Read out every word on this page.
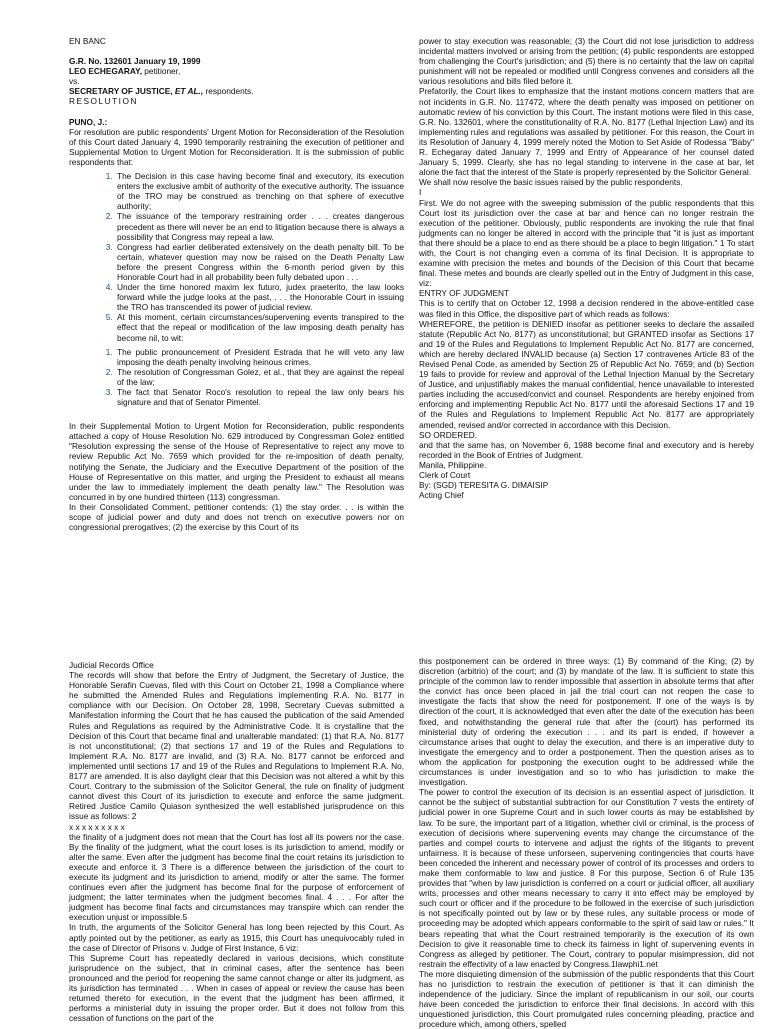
EN BANC

G.R. No. 132601 January 19, 1999

LEO ECHEGARAY, petitioner,

vs.

SECRETARY OF JUSTICE, ET AL., respondents.

RESOLUTION

PUNO, J.:

For resolution are public respondents' Urgent Motion for Reconsideration of the Resolution of this Court dated January 4, 1990 temporarily restraining the execution of petitioner and Supplemental Motion to Urgent Motion for Reconsideration. It is the submission of public respondents that:

1. The Decision in this case having become final and executory, its execution enters the exclusive ambit of authority of the executive authority. The issuance of the TRO may be construed as trenching on that sphere of executive authority;
2. The issuance of the temporary restraining order . . . creates dangerous precedent as there will never be an end to litigation because there is always a possibility that Congress may repeal a law.
3. Congress had earlier deliberated extensively on the death penalty bill. To be certain, whatever question may now be raised on the Death Penalty Law before the present Congress within the 6-month period given by this Honorable Court had in all probability been fully debated upon . . .
4. Under the time honored maxim lex futuro, judex praeterito, the law looks forward while the judge looks at the past, . . . the Honorable Court in issuing the TRO has transcended its power of judicial review.
5. At this moment, certain circumstances/supervening events transpired to the effect that the repeal or modification of the law imposing death penalty has become nil, to wit:
1. The public pronouncement of President Estrada that he will veto any law imposing the death penalty involving heinous crimes.
2. The resolution of Congressman Golez, et al., that they are against the repeal of the law;
3. The fact that Senator Roco's resolution to repeal the law only bears his signature and that of Senator Pimentel.

In their Supplemental Motion to Urgent Motion for Reconsideration, public respondents attached a copy of House Resolution No. 629 introduced by Congressman Golez entitled "Resolution expressing the sense of the House of Representative to reject any move to review Republic Act No. 7659 which provided for the re-imposition of death penalty, notifying the Senate, the Judiciary and the Executive Department of the position of the House of Representative on this matter, and urging the President to exhaust all means under the law to immediately implement the death penalty law." The Resolution was concurred in by one hundred thirteen (113) congressman.

In their Consolidated Comment, petitioner contends: (1) the stay order. . . is within the scope of judicial power and duty and does not trench on executive powers nor on congressional prerogatives; (2) the exercise by this Court of its

power to stay execution was reasonable; (3) the Court did not lose jurisdiction to address incidental matters involved or arising from the petition; (4) public respondents are estopped from challenging the Court's jurisdiction; and (5) there is no certainty that the law on capital punishment will not be repealed or modified until Congress convenes and considers all the various resolutions and bills filed before it.

Prefatorily, the Court likes to emphasize that the instant motions concern matters that are not incidents in G.R. No. 117472, where the death penalty was imposed on petitioner on automatic review of his conviction by this Court. The instant motions were filed in this case, G.R. No. 132601, where the constitutionality of R.A. No. 8177 (Lethal Injection Law) and its implementing rules and regulations was assailed by petitioner. For this reason, the Court in its Resolution of January 4, 1999 merely noted the Motion to Set Aside of Rodessa "Baby" R. Echegaray dated January 7, 1999 and Entry of Appearance of her counsel dated January 5, 1999. Clearly, she has no legal standing to intervene in the case at bar, let alone the fact that the interest of the State is properly represented by the Solicitor General.

We shall now resolve the basic issues raised by the public respondents.

I

First. We do not agree with the sweeping submission of the public respondents that this Court lost its jurisdiction over the case at bar and hence can no longer restrain the execution of the petitioner. Obviously, public respondents are invoking the rule that final judgments can no longer be altered in accord with the principle that "it is just as important that there should be a place to end as there should be a place to begin litigation." 1 To start with, the Court is not changing even a comma of its final Decision. It is appropriate to examine with precision the metes and bounds of the Decision of this Court that became final. These metes and bounds are clearly spelled out in the Entry of Judgment in this case, viz:

ENTRY OF JUDGMENT

This is to certify that on October 12, 1998 a decision rendered in the above-entitled case was filed in this Office, the dispositive part of which reads as follows:

WHEREFORE, the petition is DENIED insofar as petitioner seeks to declare the assailed statute (Republic Act No. 8177) as unconstitutional; but GRANTED insofar as Sections 17 and 19 of the Rules and Regulations to Implement Republic Act No. 8177 are concerned, which are hereby declared INVALID because (a) Section 17 contravenes Article 83 of the Revised Penal Code, as amended by Section 25 of Republic Act No. 7659; and (b) Section 19 fails to provide for review and approval of the Lethal Injection Manual by the Secretary of Justice, and unjustifiably makes the manual confidential, hence unavailable to interested parties including the accused/convict and counsel. Respondents are hereby enjoined from enforcing and implementing Republic Act No. 8177 until the aforesaid Sections 17 and 19 of the Rules and Regulations to Implement Republic Act No. 8177 are appropriately amended, revised and/or corrected in accordance with this Decision.

SO ORDERED.

and that the same has, on November 6, 1988 become final and executory and is hereby recorded in the Book of Entries of Judgment.

Manila, Philippine.

Clerk of Court

By: (SGD) TERESITA G. DIMAISIP

Acting Chief

Judicial Records Office

The records will show that before the Entry of Judgment, the Secretary of Justice, the Honorable Serafin Cuevas, filed with this Court on October 21, 1998 a Compliance where he submitted the Amended Rules and Regulations implementing R.A. No. 8177 in compliance with our Decision. On October 28, 1998, Secretary Cuevas submitted a Manifestation informing the Court that he has caused the publication of the said Amended Rules and Regulations as required by the Administrative Code. It is crystalline that the Decision of this Court that became final and unalterable mandated: (1) that R.A. No. 8177 is not unconstitutional; (2) that sections 17 and 19 of the Rules and Regulations to Implement R.A. No. 8177 are invalid, and (3) R.A. No. 8177 cannot be enforced and implemented until sections 17 and 19 of the Rules and Regulations to Implement R.A. No. 8177 are amended. It is also daylight clear that this Decision was not altered a whit by this Court. Contrary to the submission of the Solicitor General, the rule on finality of judgment cannot divest this Court of its jurisdiction to execute and enforce the same judgment. Retired Justice Camilo Quiason synthesized the well established jurisprudence on this issue as follows: 2

x x x x x x x x x

the finality of a judgment does not mean that the Court has lost all its powers nor the case. By the finality of the judgment, what the court loses is its jurisdiction to amend, modify or alter the same. Even after the judgment has become final the court retains its jurisdiction to execute and enforce it. 3 There is a difference between the jurisdiction of the court to execute its judgment and its jurisdiction to amend, modify or alter the same. The former continues even after the judgment has become final for the purpose of enforcement of judgment; the latter terminates when the judgment becomes final. 4 . . . For after the judgment has become final facts and circumstances may transpire which can render the execution unjust or impossible.5

In truth, the arguments of the Solicitor General has long been rejected by this Court. As aptly pointed out by the petitioner, as early as 1915, this Court has unequivocably ruled in the case of Director of Prisons v. Judge of First Instance, 6 viz:

This Supreme Court has repeatedly declared in various decisions, which constitute jurisprudence on the subject, that in criminal cases, after the sentence has been pronounced and the period for reopening the same cannot change or alter its judgment, as its jurisdiction has terminated . . . When in cases of appeal or review the cause has been returned thereto for execution, in the event that the judgment has been affirmed, it performs a ministerial duty in issuing the proper order. But it does not follow from this cessation of functions on the part of the

this postponement can be ordered in three ways: (1) By command of the King; (2) by discretion (arbitrio) of the court; and (3) by mandate of the law. It is sufficient to state this principle of the common law to render impossible that assertion in absolute terms that after the convict has once been placed in jail the trial court can not reopen the case to investigate the facts that show the need for postponement. If one of the ways is by direction of the court, it is acknowledged that even after the date of the execution has been fixed, and notwithstanding the general rule that after the (court) has performed its ministerial duty of ordering the execution . . . and its part is ended, if however a circumstance arises that ought to delay the execution, and there is an imperative duty to investigate the emergency and to order a postponement. Then the question arises as to whom the application for postponing the execution ought to be addressed while the circumstances is under investigation and so to who has jurisdiction to make the investigation.

The power to control the execution of its decision is an essential aspect of jurisdiction. It cannot be the subject of substantial subtraction for our Constitution 7 vests the entirety of judicial power in one Supreme Court and in such lower courts as may be established by law. To be sure, the important part of a litigation, whether civil or criminal, is the process of execution of decisions where supervening events may change the circumstance of the parties and compel courts to intervene and adjust the rights of the litigants to prevent unfairness. It is because of these unforseen, supervening contingencies that courts have been conceded the inherent and necessary power of control of its processes and orders to make them conformable to law and justice. 8 For this purpose, Section 6 of Rule 135 provides that "when by law jurisdiction is conferred on a court or judicial officer, all auxiliary writs, processes and other means necessary to carry it into effect may be employed by such court or officer and if the procedure to be followed in the exercise of such jurisdiction is not specifically pointed out by law or by these rules, any suitable process or mode of proceeding may be adopted which appears conformable to the spirit of said law or rules." It bears repeating that what the Court restrained temporarily is the execution of its own Decision to give it reasonable time to check its fairness in light of supervening events in Congress as alleged by petitioner. The Court, contrary to popular misimpression, did not restrain the effectivity of a law enacted by Congress.1lawphi1.net

The more disquieting dimension of the submission of the public respondents that this Court has no jurisdiction to restrain the execution of petitioner is that it can diminish the independence of the judiciary. Since the implant of republicanism in our soil, our courts have been conceded the jurisdiction to enforce their final decisions. In accord with this unquestioned jurisdiction, this Court promulgated rules concerning pleading, practice and procedure which, among others, spelled
